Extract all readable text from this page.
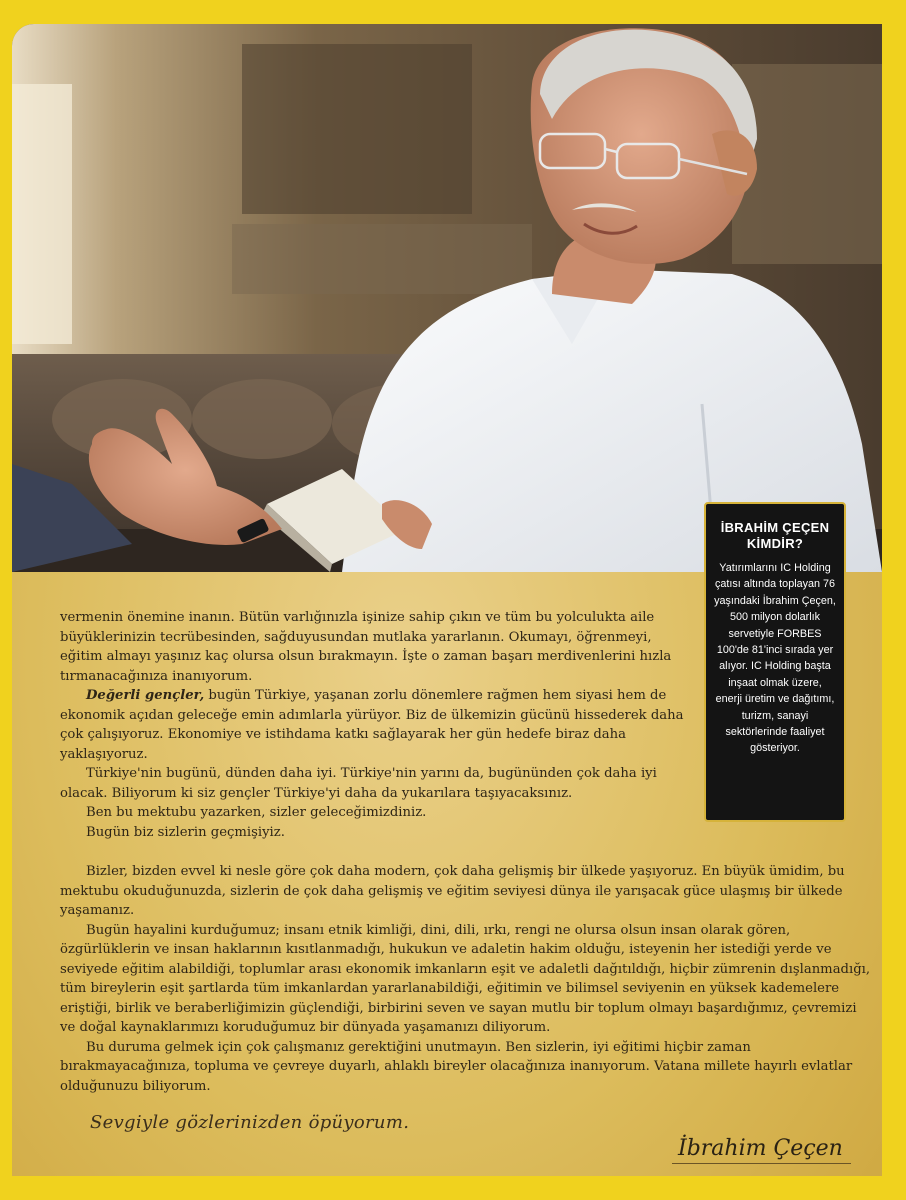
İBRAHİM ÇEÇEN KİMDİR?
Yatırımlarını IC Holding çatısı altında toplayan 76 yaşındaki İbrahim Çeçen, 500 milyon dolarlık servetiyle FORBES 100'de 81'inci sırada yer alıyor. IC Holding başta inşaat olmak üzere, enerji üretim ve dağıtımı, turizm, sanayi sektörlerinde faaliyet gösteriyor.

vermenin önemine inanın. Bütün varlığınızla işinize sahip çıkın ve tüm bu yolculukta aile büyüklerinizin tecrübesinden, sağduyusundan mutlaka yararlanın. Okumayı, öğrenmeyi, eğitim almayı yaşınız kaç olursa olsun bırakmayın. İşte o zaman başarı merdivenlerini hızla tırmanacağınıza inanıyorum.

Değerli gençler, bugün Türkiye, yaşanan zorlu dönemlere rağmen hem siyasi hem de ekonomik açıdan geleceğe emin adımlarla yürüyor. Biz de ülkemizin gücünü hissederek daha çok çalışıyoruz. Ekonomiye ve istihdama katkı sağlayarak her gün hedefe biraz daha yaklaşıyoruz.

Türkiye'nin bugünü, dünden daha iyi. Türkiye'nin yarını da, bugününden çok daha iyi olacak. Biliyorum ki siz gençler Türkiye'yi daha da yukarılara taşıyacaksınız.

Ben bu mektubu yazarken, sizler geleceğimizdiniz.

Bugün biz sizlerin geçmişiyiz.

Bizler, bizden evvel ki nesle göre çok daha modern, çok daha gelişmiş bir ülkede yaşıyoruz. En büyük ümidim, bu mektubu okuduğunuzda, sizlerin de çok daha gelişmiş ve eğitim seviyesi dünya ile yarışacak güce ulaşmış bir ülkede yaşamanız.

Bugün hayalini kurduğumuz; insanı etnik kimliği, dini, dili, ırkı, rengi ne olursa olsun insan olarak gören, özgürlüklerin ve insan haklarının kısıtlanmadığı, hukukun ve adaletin hakim olduğu, isteyenin her istediği yerde ve seviyede eğitim alabildiği, toplumlar arası ekonomik imkanların eşit ve adaletli dağıtıldığı, hiçbir zümrenin dışlanmadığı, tüm bireylerin eşit şartlarda tüm imkanlardan yararlanabildiği, eğitimin ve bilimsel seviyenin en yüksek kademelere eriştiği, birlik ve beraberliğimizin güçlendiği, birbirini seven ve sayan mutlu bir toplum olmayı başardığımız, çevremizi ve doğal kaynaklarımızı koruduğumuz bir dünyada yaşamanızı diliyorum.

Bu duruma gelmek için çok çalışmanız gerektiğini unutmayın. Ben sizlerin, iyi eğitimi hiçbir zaman bırakmayacağınıza, topluma ve çevreye duyarlı, ahlaklı bireyler olacağınıza inanıyorum. Vatana millete hayırlı evlatlar olduğunuzu biliyorum.

Sevgiyle gözlerinizden öpüyorum.
İbrahim Çeçen
